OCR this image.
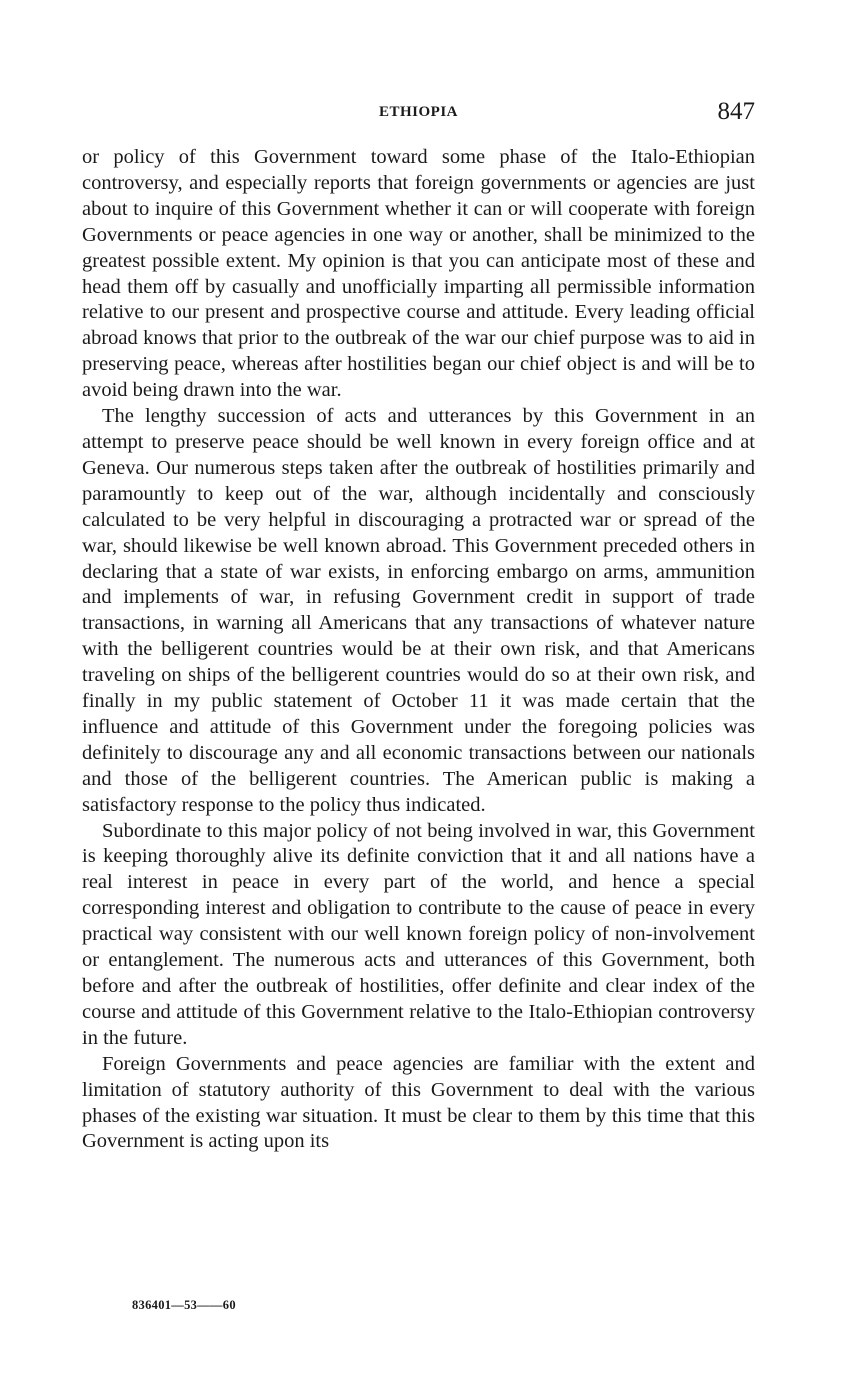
ETHIOPIA	847

or policy of this Government toward some phase of the Italo-Ethiopian controversy, and especially reports that foreign governments or agencies are just about to inquire of this Government whether it can or will cooperate with foreign Governments or peace agencies in one way or another, shall be minimized to the greatest possible extent. My opinion is that you can anticipate most of these and head them off by casually and unofficially imparting all permissible information relative to our present and prospective course and attitude. Every leading official abroad knows that prior to the outbreak of the war our chief purpose was to aid in preserving peace, whereas after hostilities began our chief object is and will be to avoid being drawn into the war.

The lengthy succession of acts and utterances by this Government in an attempt to preserve peace should be well known in every foreign office and at Geneva. Our numerous steps taken after the outbreak of hostilities primarily and paramountly to keep out of the war, although incidentally and consciously calculated to be very helpful in discouraging a protracted war or spread of the war, should likewise be well known abroad. This Government preceded others in declaring that a state of war exists, in enforcing embargo on arms, ammunition and implements of war, in refusing Government credit in support of trade transactions, in warning all Americans that any transactions of whatever nature with the belligerent countries would be at their own risk, and that Americans traveling on ships of the belligerent countries would do so at their own risk, and finally in my public statement of October 11 it was made certain that the influence and attitude of this Government under the foregoing policies was definitely to discourage any and all economic transactions between our nationals and those of the belligerent countries. The American public is making a satisfactory response to the policy thus indicated.

Subordinate to this major policy of not being involved in war, this Government is keeping thoroughly alive its definite conviction that it and all nations have a real interest in peace in every part of the world, and hence a special corresponding interest and obligation to contribute to the cause of peace in every practical way consistent with our well known foreign policy of non-involvement or entanglement. The numerous acts and utterances of this Government, both before and after the outbreak of hostilities, offer definite and clear index of the course and attitude of this Government relative to the Italo-Ethiopian controversy in the future.

Foreign Governments and peace agencies are familiar with the extent and limitation of statutory authority of this Government to deal with the various phases of the existing war situation. It must be clear to them by this time that this Government is acting upon its

836401—53——60
